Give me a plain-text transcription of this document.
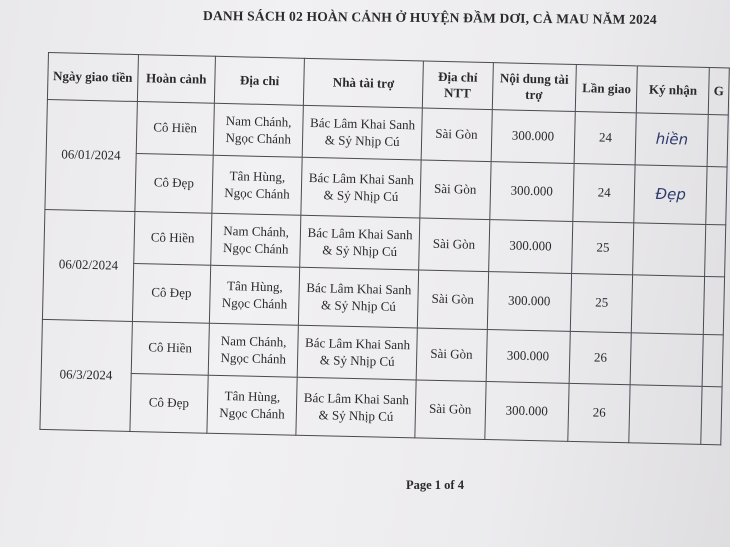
DANH SÁCH 02 HOÀN CẢNH Ở HUYỆN ĐẦM DƠI, CÀ MAU NĂM 2024
Ngày giao tiền	Hoàn cảnh	Địa chỉ	Nhà tài trợ	Địa chỉ NTT	Nội dung tài trợ	Lần giao	Ký nhận	G
06/01/2024	Cô Hiền	Nam Chánh, Ngọc Chánh	Bác Lâm Khai Sanh & Sỷ Nhịp Cú	Sài Gòn	300.000	24	hiền	
	Cô Đẹp	Tân Hùng, Ngọc Chánh	Bác Lâm Khai Sanh & Sỷ Nhịp Cú	Sài Gòn	300.000	24	Đẹp	
06/02/2024	Cô Hiền	Nam Chánh, Ngọc Chánh	Bác Lâm Khai Sanh & Sỷ Nhịp Cú	Sài Gòn	300.000	25		
	Cô Đẹp	Tân Hùng, Ngọc Chánh	Bác Lâm Khai Sanh & Sỷ Nhịp Cú	Sài Gòn	300.000	25		
06/3/2024	Cô Hiền	Nam Chánh, Ngọc Chánh	Bác Lâm Khai Sanh & Sỷ Nhịp Cú	Sài Gòn	300.000	26		
	Cô Đẹp	Tân Hùng, Ngọc Chánh	Bác Lâm Khai Sanh & Sỷ Nhịp Cú	Sài Gòn	300.000	26		
Page 1 of 4
